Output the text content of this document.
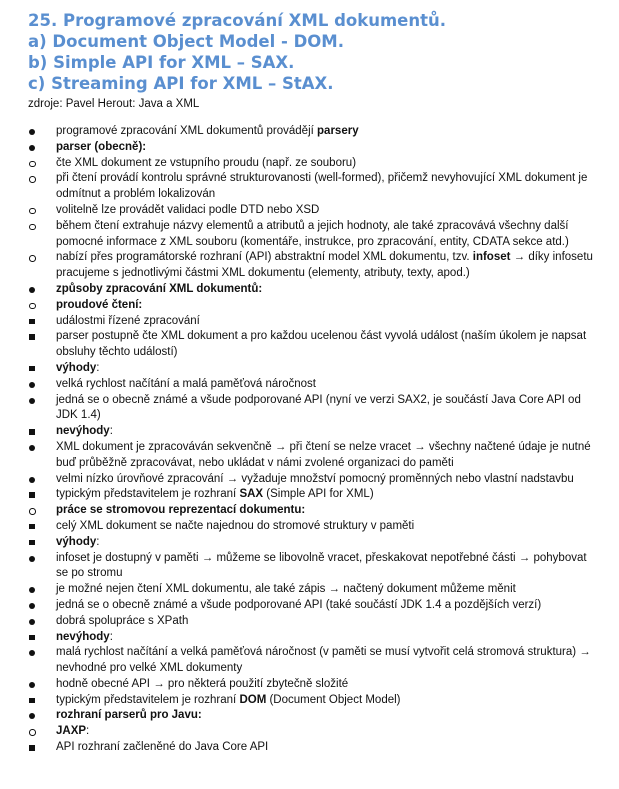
25. Programové zpracování XML dokumentů.
a) Document Object Model - DOM.
b) Simple API for XML – SAX.
c) Streaming API for XML – StAX.
zdroje: Pavel Herout: Java a XML
programové zpracování XML dokumentů provádějí parsery
parser (obecně):
čte XML dokument ze vstupního proudu (např. ze souboru)
při čtení provádí kontrolu správné strukturovanosti (well-formed), přičemž nevyhovující XML dokument je odmítnut a problém lokalizován
volitelně lze provádět validaci podle DTD nebo XSD
během čtení extrahuje názvy elementů a atributů a jejich hodnoty, ale také zpracovává všechny další pomocné informace z XML souboru (komentáře, instrukce, pro zpracování, entity, CDATA sekce atd.)
nabízí přes programátorské rozhraní (API) abstraktní model XML dokumentu, tzv. infoset → díky infosetu pracujeme s jednotlivými částmi XML dokumentu (elementy, atributy, texty, apod.)
způsoby zpracování XML dokumentů:
proudové čtení:
událostmi řízené zpracování
parser postupně čte XML dokument a pro každou ucelenou část vyvolá událost (naším úkolem je napsat obsluhy těchto událostí)
výhody:
velká rychlost načítání a malá paměťová náročnost
jedná se o obecně známé a všude podporované API (nyní ve verzi SAX2, je součástí Java Core API od JDK 1.4)
nevýhody:
XML dokument je zpracováván sekvenčně → při čtení se nelze vracet → všechny načtené údaje je nutné buď průběžně zpracovávat, nebo ukládat v námi zvolené organizaci do paměti
velmi nízko úrovňové zpracování → vyžaduje množství pomocný proměnných nebo vlastní nadstavbu
typickým představitelem je rozhraní SAX (Simple API for XML)
práce se stromovou reprezentací dokumentu:
celý XML dokument se načte najednou do stromové struktury v paměti
výhody:
infoset je dostupný v paměti → můžeme se libovolně vracet, přeskakovat nepotřebné části → pohybovat se po stromu
je možné nejen čtení XML dokumentu, ale také zápis → načtený dokument můžeme měnit
jedná se o obecně známé a všude podporované API (také součástí JDK 1.4 a pozdějších verzí)
dobrá spolupráce s XPath
nevýhody:
malá rychlost načítání a velká paměťová náročnost (v paměti se musí vytvořit celá stromová struktura) → nevhodné pro velké XML dokumenty
hodně obecné API → pro některá použití zbytečně složité
typickým představitelem je rozhraní DOM (Document Object Model)
rozhraní parserů pro Javu:
JAXP:
API rozhraní začleněné do Java Core API
